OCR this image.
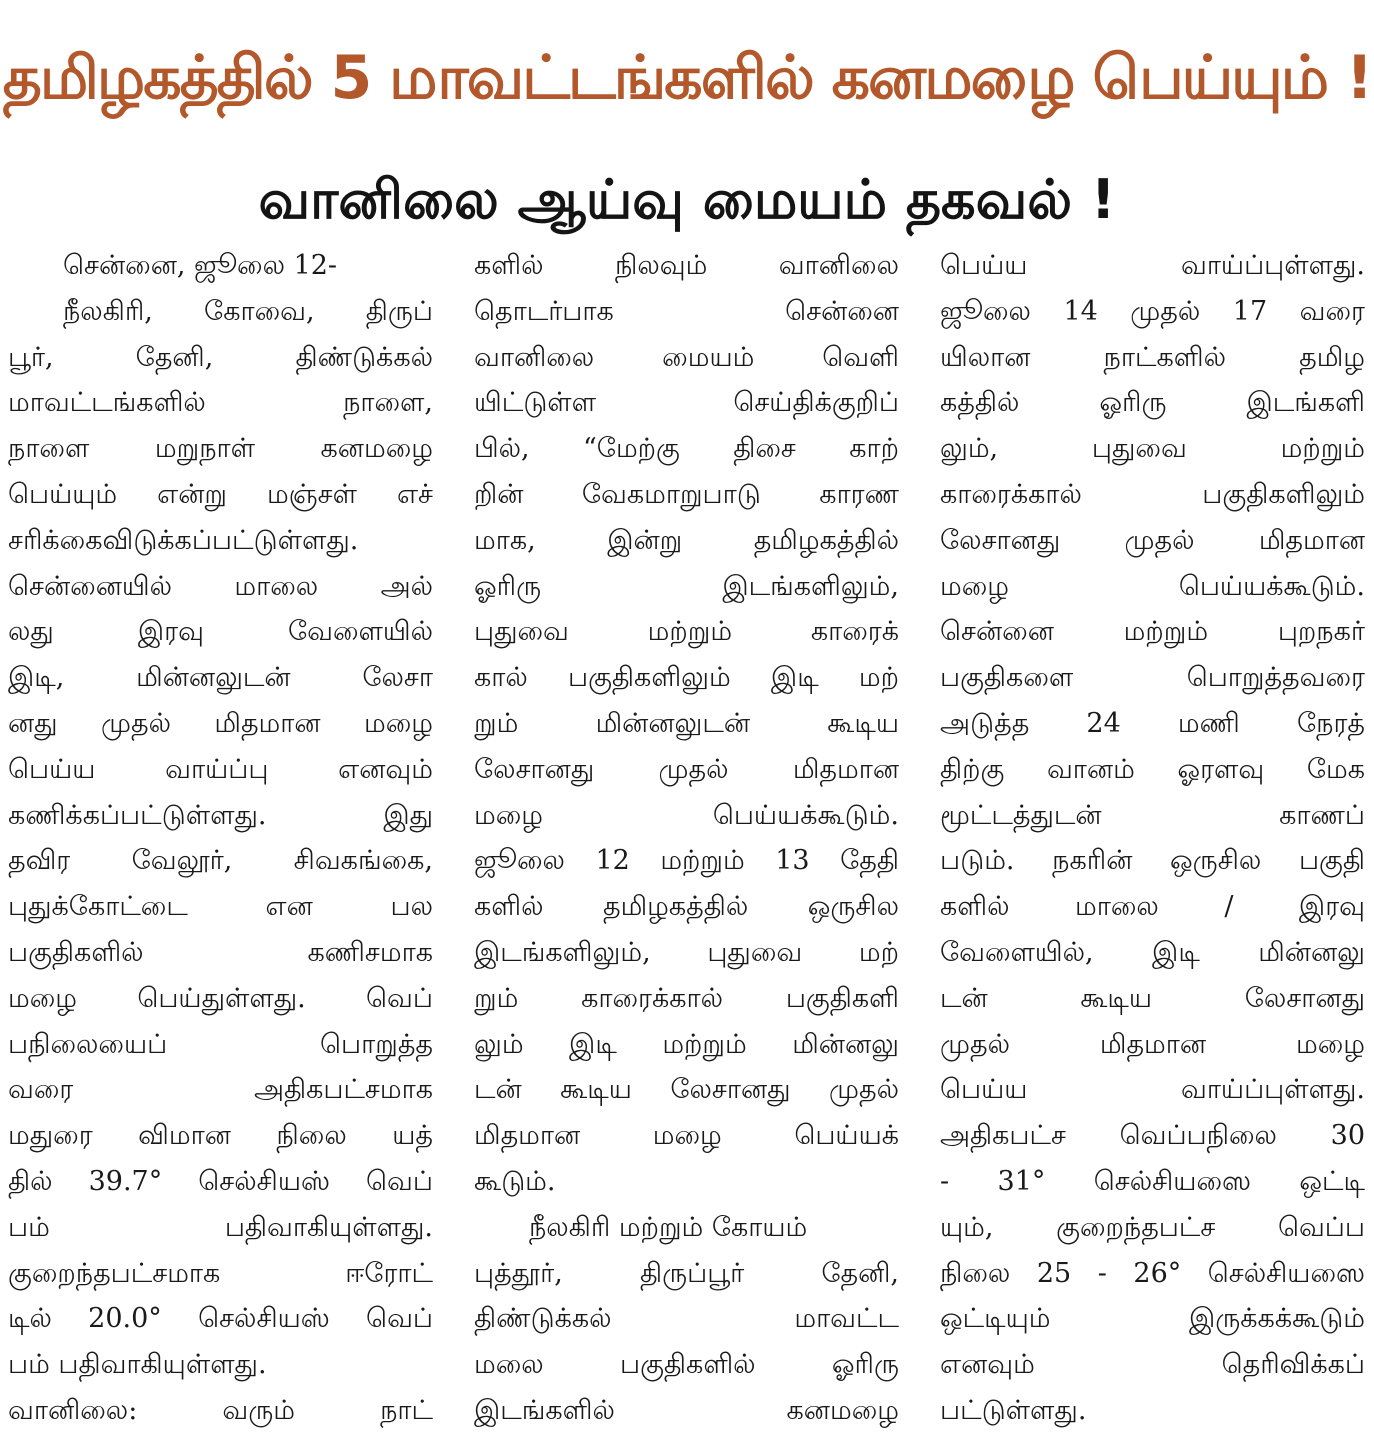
தமிழகத்தில் 5 மாவட்டங்களில் கனமழை பெய்யும் !
வானிலை ஆய்வு மையம் தகவல் !
சென்னை, ஜூலை 12-
நீலகிரி, கோவை, திருப்
பூர், தேனி, திண்டுக்கல்
மாவட்டங்களில் நாளை,
நாளை மறுநாள் கனமழை
பெய்யும் என்று மஞ்சள் எச்
சரிக்கைவிடுக்கப்பட்டுள்ளது.
சென்னையில் மாலை அல்
லது இரவு வேளையில்
இடி, மின்னலுடன் லேசா
னது முதல் மிதமான மழை
பெய்ய வாய்ப்பு எனவும்
கணிக்கப்பட்டுள்ளது. இது
தவிர வேலூர், சிவகங்கை,
புதுக்கோட்டை என பல
பகுதிகளில் கணிசமாக
மழை பெய்துள்ளது. வெப்
பநிலையைப் பொறுத்த
வரை அதிகபட்சமாக
மதுரை விமான நிலை யத்
தில் 39.7° செல்சியஸ் வெப்
பம் பதிவாகியுள்ளது.
குறைந்தபட்சமாக ஈரோட்
டில் 20.0° செல்சியஸ் வெப்
பம் பதிவாகியுள்ளது.
வானிலை: வரும் நாட்
களில் நிலவும் வானிலை
தொடர்பாக சென்னை
வானிலை மையம் வெளி
யிட்டுள்ள செய்திக்குறிப்
பில், “மேற்கு திசை காற்
றின் வேகமாறுபாடு காரண
மாக, இன்று தமிழகத்தில்
ஓரிரு இடங்களிலும்,
புதுவை மற்றும் காரைக்
கால் பகுதிகளிலும் இடி மற்
றும் மின்னலுடன் கூடிய
லேசானது முதல் மிதமான
மழை பெய்யக்கூடும்.
ஜூலை 12 மற்றும் 13 தேதி
களில் தமிழகத்தில் ஒருசில
இடங்களிலும், புதுவை மற்
றும் காரைக்கால் பகுதிகளி
லும் இடி மற்றும் மின்னலு
டன் கூடிய லேசானது முதல்
மிதமான மழை பெய்யக்
கூடும்.
நீலகிரி மற்றும் கோயம்
புத்தூர், திருப்பூர் தேனி,
திண்டுக்கல் மாவட்ட
மலை பகுதிகளில் ஓரிரு
இடங்களில் கனமழை
பெய்ய வாய்ப்புள்ளது.
ஜூலை 14 முதல் 17 வரை
யிலான நாட்களில் தமிழ
கத்தில் ஓரிரு இடங்களி
லும், புதுவை மற்றும்
காரைக்கால் பகுதிகளிலும்
லேசானது முதல் மிதமான
மழை பெய்யக்கூடும்.
சென்னை மற்றும் புறநகர்
பகுதிகளை பொறுத்தவரை
அடுத்த 24 மணி நேரத்
திற்கு வானம் ஓரளவு மேக
மூட்டத்துடன் காணப்
படும். நகரின் ஒருசில பகுதி
களில் மாலை / இரவு
வேளையில், இடி மின்னலு
டன் கூடிய லேசானது
முதல் மிதமான மழை
பெய்ய வாய்ப்புள்ளது.
அதிகபட்ச வெப்பநிலை 30
- 31° செல்சியஸை ஒட்டி
யும், குறைந்தபட்ச வெப்ப
நிலை 25 - 26° செல்சியஸை
ஒட்டியும் இருக்கக்கூடும்
எனவும் தெரிவிக்கப்
பட்டுள்ளது.
